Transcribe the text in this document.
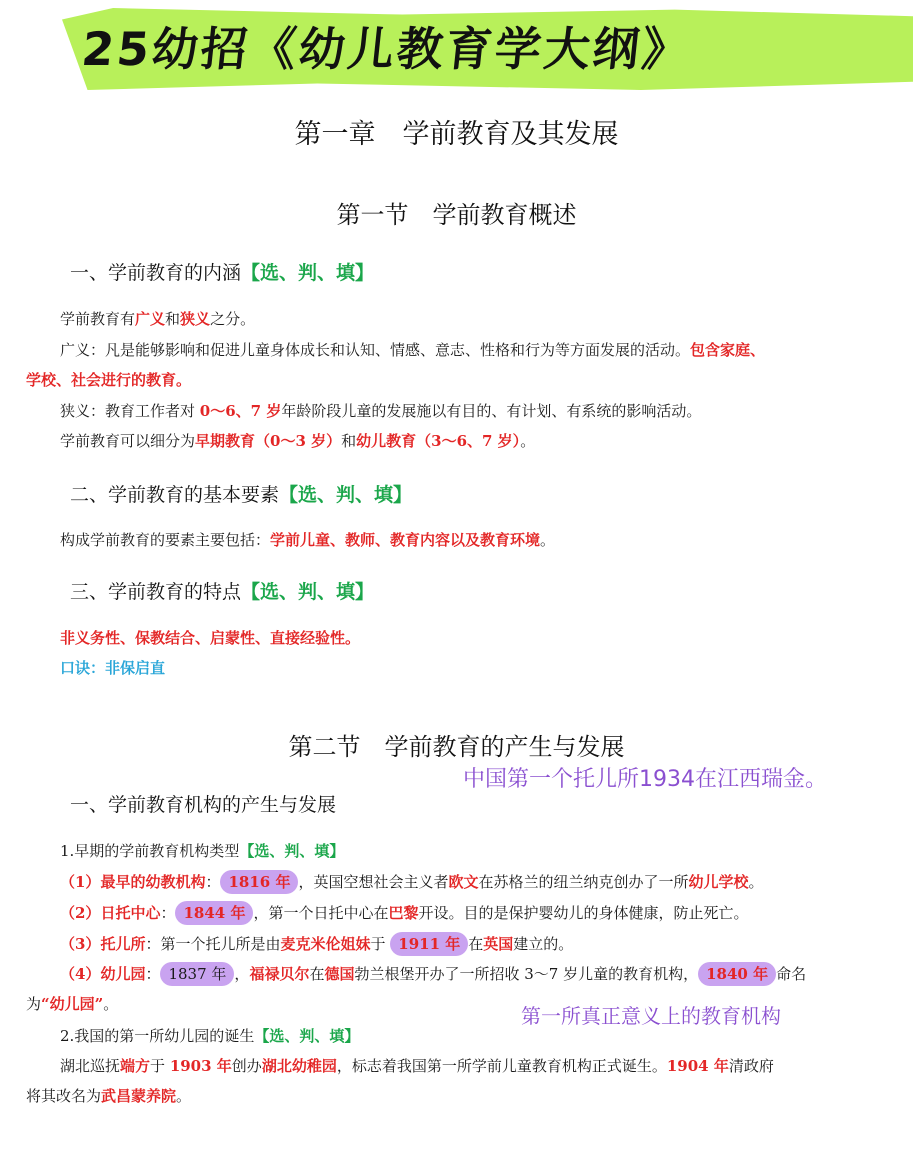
25幼招《幼儿教育学大纲》
第一章　学前教育及其发展
第一节　学前教育概述
一、学前教育的内涵【选、判、填】
学前教育有广义和狭义之分。
广义：凡是能够影响和促进儿童身体成长和认知、情感、意志、性格和行为等方面发展的活动。包含家庭、
学校、社会进行的教育。
狭义：教育工作者对 0～6、7 岁年龄阶段儿童的发展施以有目的、有计划、有系统的影响活动。
学前教育可以细分为早期教育（0～3 岁）和幼儿教育（3～6、7 岁）。
二、学前教育的基本要素【选、判、填】
构成学前教育的要素主要包括：学前儿童、教师、教育内容以及教育环境。
三、学前教育的特点【选、判、填】
非义务性、保教结合、启蒙性、直接经验性。
口诀：非保启直
第二节　学前教育的产生与发展
中国第一个托儿所1934在江西瑞金。
一、学前教育机构的产生与发展
1.早期的学前教育机构类型【选、判、填】
（1）最早的幼教机构： 1816 年 ，英国空想社会主义者欧文在苏格兰的纽兰纳克创办了一所幼儿学校。
（2）日托中心： 1844 年 ，第一个日托中心在巴黎开设。目的是保护婴幼儿的身体健康，防止死亡。
（3）托儿所：第一个托儿所是由麦克米伦姐妹于 1911 年 在英国建立的。
（4）幼儿园： 1837 年 ，福禄贝尔在德国勃兰根堡开办了一所招收 3～7 岁儿童的教育机构， 1840 年 命名
为“幼儿园”。	第一所真正意义上的教育机构
2.我国的第一所幼儿园的诞生【选、判、填】
湖北巡抚端方于 1903 年创办湖北幼稚园，标志着我国第一所学前儿童教育机构正式诞生。1904 年清政府
将其改名为武昌蒙养院。
